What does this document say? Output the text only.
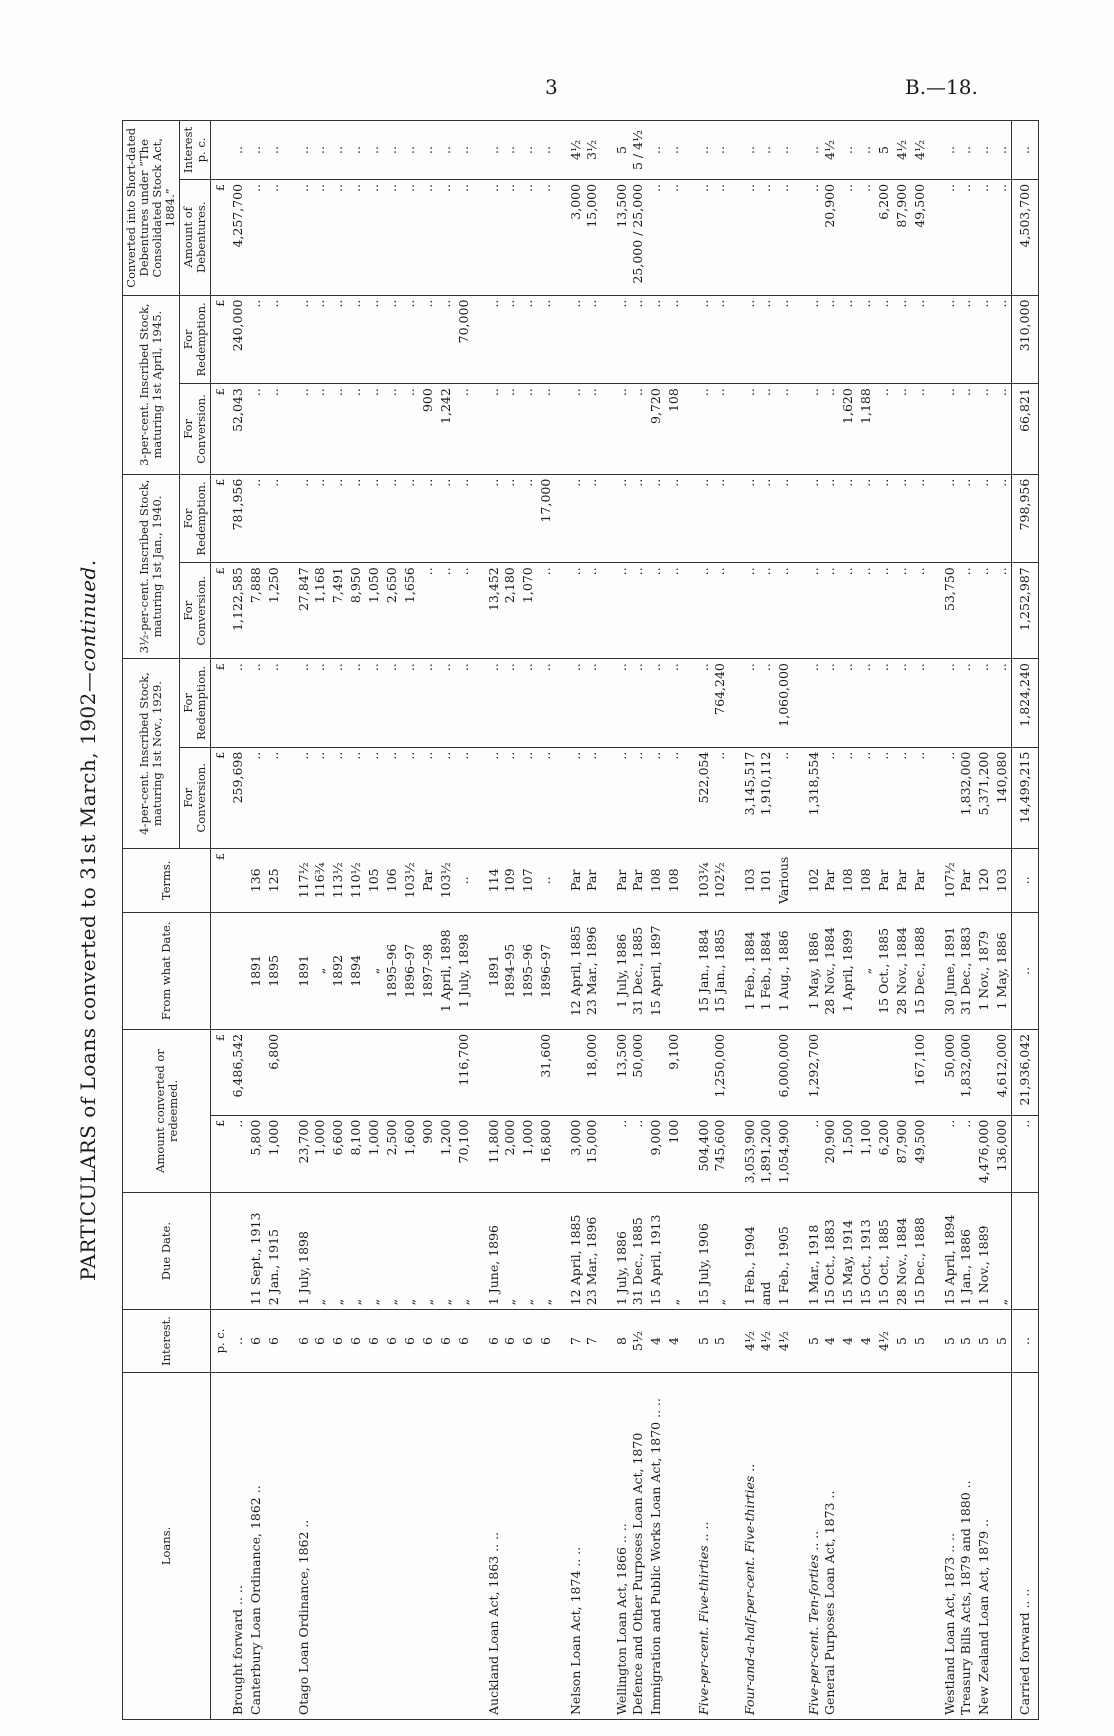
3	B.—18.
PARTICULARS of Loans converted to 31st March, 1902—continued.
Loans.	Interest.	Due Date.	Amount converted or redeemed.		From what Date.	Terms.	4-per-cent. Inscribed Stock, maturing 1st Nov., 1929.		3½-per-cent. Inscribed Stock, maturing 1st Jan., 1940.		3-per-cent. Inscribed Stock, maturing 1st April, 1945.		Converted into Short-dated Debentures under “The Consolidated Stock Act, 1884.”	
							For Conversion.	For Redemption.	For Conversion.	For Redemption.	For Conversion.	For Redemption.	Amount of Debentures.	Interest p. c.
	p. c.		£	£		£	£	£	£	£	£	£	£	
Brought forward .. ..	..		..	6,486,542			259,698	..	1,122,585	781,956	52,043	240,000	4,257,700	..
Canterbury Loan Ordinance, 1862 ..	6	11 Sept., 1913	5,800		1891	136	..	..	7,888	..	..	..	..	..
	6	2 Jan., 1915	1,000	6,800	1895	125	..	..	1,250	..	..	..	..	..
Otago Loan Ordinance, 1862 ..	6	1 July, 1898	23,700		1891	117½	..	..	27,847	..	..	..	..	..
	6	„	1,000		„	116¾	..	..	1,168	..	..	..	..	..
	6	„	6,600		1892	113½	..	..	7,491	..	..	..	..	..
	6	„	8,100		1894	110½	..	..	8,950	..	..	..	..	..
	6	„	1,000		„	105	..	..	1,050	..	..	..	..	..
	6	„	2,500		1895–96	106	..	..	2,650	..	..	..	..	..
	6	„	1,600		1896–97	103½	..	..	1,656	..	..	..	..	..
	6	„	900		1897–98	Par	..	..	..	..	900	..	..	..
	6	„	1,200		1 April, 1898	103½	..	..	..	..	1,242	..	..	..
	6	„	70,100	116,700	1 July, 1898	..	..	..	..	..	..	70,000	..	..
Auckland Loan Act, 1863 .. ..	6	1 June, 1896	11,800		1891	114	..	..	13,452	..	..	..	..	..
	6	„	2,000		1894–95	109	..	..	2,180	..	..	..	..	..
	6	„	1,000		1895–96	107	..	..	1,070	..	..	..	..	..
	6	„	16,800	31,600	1896–97	..	..	..	..	17,000	..	..	..	..
Nelson Loan Act, 1874 .. ..	7	12 April, 1885	3,000		12 April, 1885	Par	..	..	..	..	..	..	3,000	4½
	7	23 Mar., 1896	15,000	18,000	23 Mar., 1896	Par	..	..	..	..	..	..	15,000	3½
Wellington Loan Act, 1866 .. ..	8	1 July, 1886	..	13,500	1 July, 1886	Par	..	..	..	..	..	..	13,500	5
Defence and Other Purposes Loan Act, 1870	5½	31 Dec., 1885	..	50,000	31 Dec., 1885	Par	..	..	..	..	..	..	25,000 / 25,000	5 / 4½
Immigration and Public Works Loan Act, 1870 .. ..	4	15 April, 1913	9,000		15 April, 1897	108	..	..	..	..	9,720	..	..	..
	4	„	100	9,100		108	..	..	..	..	108	..	..	..
Five-per-cent. Five-thirties .. ..	5	15 July, 1906	504,400		15 Jan., 1884	103¼	522,054	..	..	..	..	..	..	..
	5	„	745,600	1,250,000	15 Jan., 1885	102½	..	764,240	..	..	..	..	..	..
Four-and-a-half-per-cent. Five-thirties ..	4½	1 Feb., 1904	3,053,900		1 Feb., 1884	103	3,145,517	..	..	..	..	..	..	..
	4½	and	1,891,200		1 Feb., 1884	101	1,910,112	..	..	..	..	..	..	..
	4½	1 Feb., 1905	1,054,900	6,000,000	1 Aug., 1886	Various	..	1,060,000	..	..	..	..	..	..
Five-per-cent. Ten-forties .. ..	5	1 Mar., 1918	..	1,292,700	1 May, 1886	102	1,318,554	..	..	..	..	..	..	..
General Purposes Loan Act, 1873 ..	4	15 Oct., 1883	20,900		28 Nov., 1884	Par	..	..	..	..	..	..	20,900	4½
	4	15 May, 1914	1,500		1 April, 1899	108	..	..	..	..	1,620	..	..	..
	4	15 Oct., 1913	1,100		„	108	..	..	..	..	1,188	..	..	..
	4½	15 Oct., 1885	6,200		15 Oct., 1885	Par	..	..	..	..	..	..	6,200	5
	5	28 Nov., 1884	87,900		28 Nov., 1884	Par	..	..	..	..	..	..	87,900	4½
	5	15 Dec., 1888	49,500	167,100	15 Dec., 1888	Par	..	..	..	..	..	..	49,500	4½
Westland Loan Act, 1873 .. ..	5	15 April, 1894	..	50,000	30 June, 1891	107½	..	..	53,750	..	..	..	..	..
Treasury Bills Acts, 1879 and 1880 ..	5	1 Jan., 1886	..	1,832,000	31 Dec., 1883	Par	1,832,000	..	..	..	..	..	..	..
New Zealand Loan Act, 1879 ..	5	1 Nov., 1889	4,476,000		1 Nov., 1879	120	5,371,200	..	..	..	..	..	..	..
	5	„	136,000	4,612,000	1 May, 1886	103	140,080	..	..	..	..	..	..	..
Carried forward .. ..	..		..	21,936,042	..	..	14,499,215	1,824,240	1,252,987	798,956	66,821	310,000	4,503,700	..
